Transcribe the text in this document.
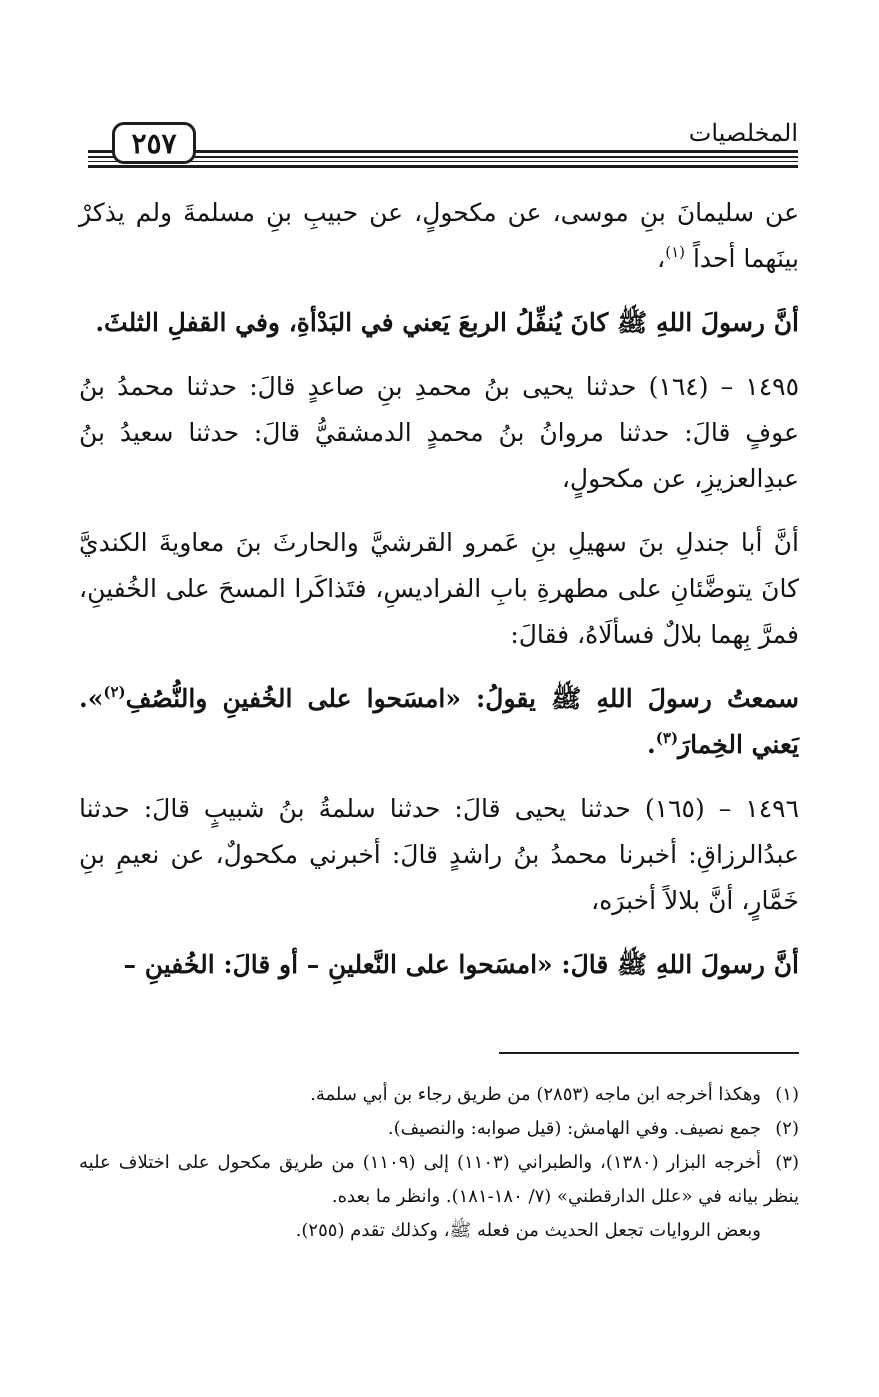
المخلصيات
٢٥٧

عن سليمانَ بنِ موسى، عن مكحولٍ، عن حبيبِ بنِ مسلمةَ ولم يذكرْ بينَهما أحداً $^{(١)}$،

أنَّ رسولَ اللهِ ﷺ كانَ يُنفِّلُ الربعَ يَعني في البَدْأةِ، وفي القفلِ الثلثَ.

١٤٩٥ – (١٦٤) حدثنا يحيى بنُ محمدِ بنِ صاعدٍ قالَ: حدثنا محمدُ بنُ عوفٍ قالَ: حدثنا مروانُ بنُ محمدٍ الدمشقيُّ قالَ: حدثنا سعيدُ بنُ عبدِالعزيزِ، عن مكحولٍ،

أنَّ أبا جندلِ بنَ سهيلِ بنِ عَمرو القرشيَّ والحارثَ بنَ معاويةَ الكنديَّ كانَ يتوضَّئانِ على مطهرةِ بابِ الفراديسِ، فتَذاكَرا المسحَ على الخُفينِ، فمرَّ بِهما بلالٌ فسألَاهُ، فقالَ:

سمعتُ رسولَ اللهِ ﷺ يقولُ: «امسَحوا على الخُفينِ والنُّصُفِ$^{(٢)}$». يَعني الخِمارَ$^{(٣)}$.

١٤٩٦ – (١٦٥) حدثنا يحيى قالَ: حدثنا سلمةُ بنُ شبيبٍ قالَ: حدثنا عبدُالرزاقِ: أخبرنا محمدُ بنُ راشدٍ قالَ: أخبرني مكحولٌ، عن نعيمِ بنِ خَمَّارٍ، أنَّ بلالاً أخبرَه،

أنَّ رسولَ اللهِ ﷺ قالَ: «امسَحوا على النَّعلينِ – أو قالَ: الخُفينِ –

(١)وهكذا أخرجه ابن ماجه (٢٨٥٣) من طريق رجاء بن أبي سلمة.

(٢)جمع نصيف. وفي الهامش: (قيل صوابه: والنصيف).

(٣)أخرجه البزار (١٣٨٠)، والطبراني (١١٠٣) إلى (١١٠٩) من طريق مكحول على اختلاف عليه ينظر بيانه في «علل الدارقطني» (٧/ ١٨٠-١٨١). وانظر ما بعده.

وبعض الروايات تجعل الحديث من فعله ﷺ، وكذلك تقدم (٢٥٥).
